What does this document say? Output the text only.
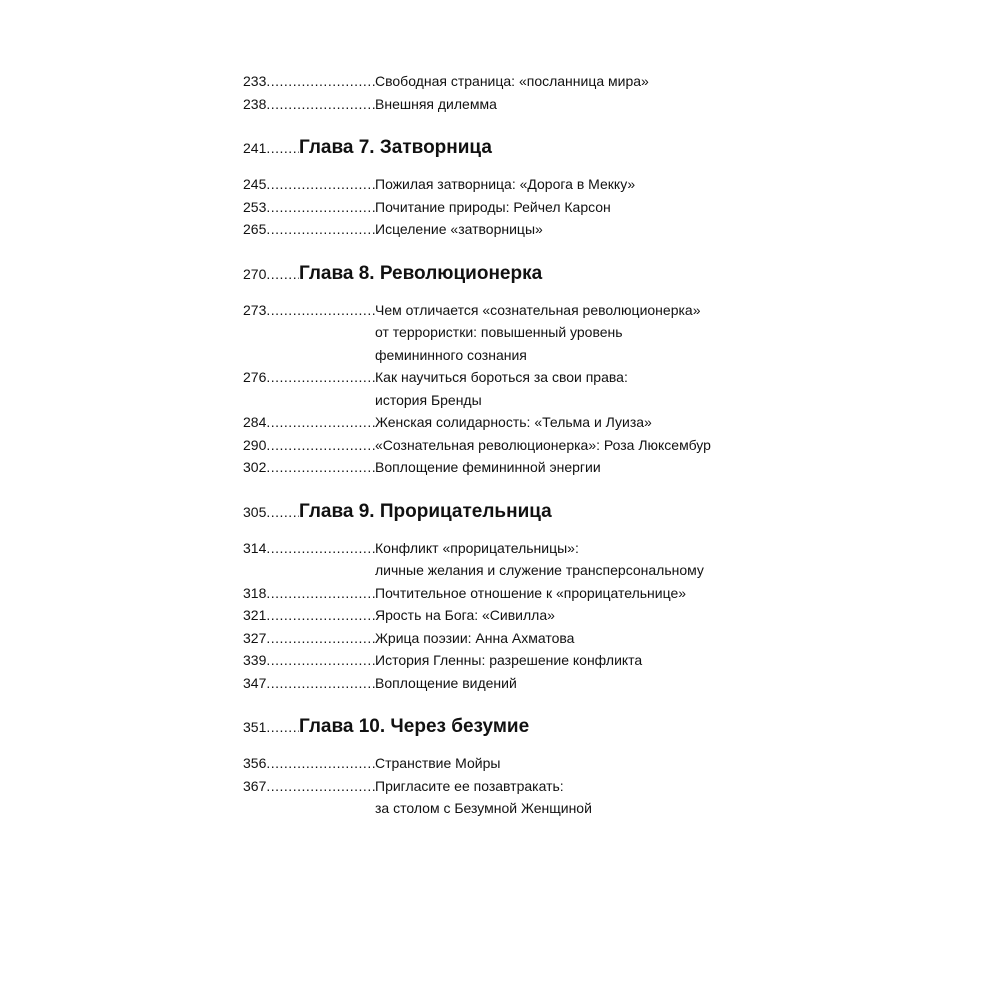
233 .....	Свободная страница: «посланница мира»
238 .....	Внешняя дилемма
241 ..... Глава 7. Затворница
245 .....	Пожилая затворница: «Дорога в Мекку»
253 .....	Почитание природы: Рейчел Карсон
265 .....	Исцеление «затворницы»
270 ..... Глава 8. Революционерка
273 .....	Чем отличается «сознательная революционерка»
от террористки: повышенный уровень
фемининного сознания
276 .....	Как научиться бороться за свои права:
история Бренды
284 .....	Женская солидарность: «Тельма и Луиза»
290 .....	«Сознательная революционерка»: Роза Люксембур
302 .....	Воплощение фемининной энергии
305 ..... Глава 9. Прорицательница
314 .....	Конфликт «прорицательницы»:
личные желания и служение трансперсональному
318 .....	Почтительное отношение к «прорицательнице»
321 .....	Ярость на Бога: «Сивилла»
327 .....	Жрица поэзии: Анна Ахматова
339 .....	История Гленны: разрешение конфликта
347 .....	Воплощение видений
351 ..... Глава 10. Через безумие
356 .....	Странствие Мойры
367 .....	Пригласите ее позавтракать:
за столом с Безумной Женщиной
